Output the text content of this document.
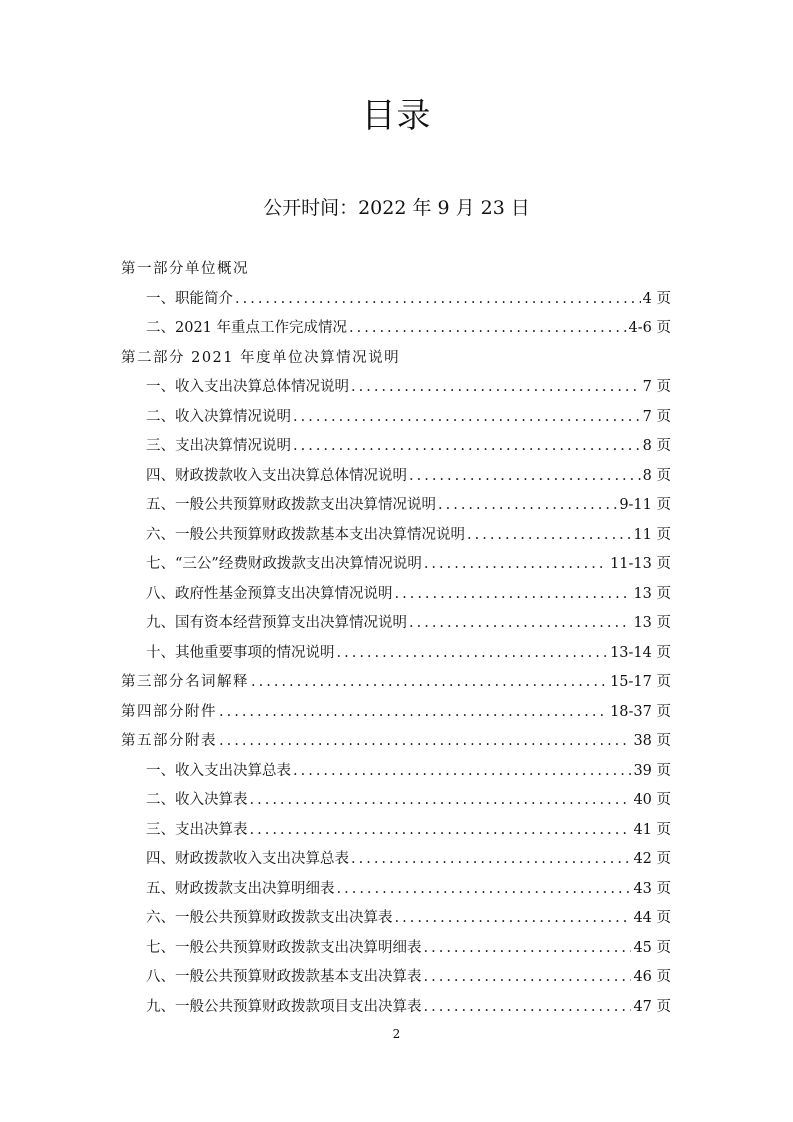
目录
公开时间：2022 年 9 月 23 日
第一部分单位概况
一、职能简介 .....	4 页
二、2021 年重点工作完成情况 .....	4-6 页
第二部分 2021 年度单位决算情况说明
一、收入支出决算总体情况说明 .....	7 页
二、收入决算情况说明 .....	7 页
三、支出决算情况说明 .....	8 页
四、财政拨款收入支出决算总体情况说明 .....	8 页
五、一般公共预算财政拨款支出决算情况说明 .....	9-11 页
六、一般公共预算财政拨款基本支出决算情况说明 .....	11 页
七、“三公”经费财政拨款支出决算情况说明 .....	11-13 页
八、政府性基金预算支出决算情况说明 .....	13 页
九、国有资本经营预算支出决算情况说明 .....	13 页
十、其他重要事项的情况说明 .....	13-14 页
第三部分名词解释 .....	15-17 页
第四部分附件 .....	18-37 页
第五部分附表 .....	38 页
一、收入支出决算总表 .....	39 页
二、收入决算表 .....	40 页
三、支出决算表 .....	41 页
四、财政拨款收入支出决算总表 .....	42 页
五、财政拨款支出决算明细表 .....	43 页
六、一般公共预算财政拨款支出决算表 .....	44 页
七、一般公共预算财政拨款支出决算明细表 .....	45 页
八、一般公共预算财政拨款基本支出决算表 .....	46 页
九、一般公共预算财政拨款项目支出决算表 .....	47 页
2
